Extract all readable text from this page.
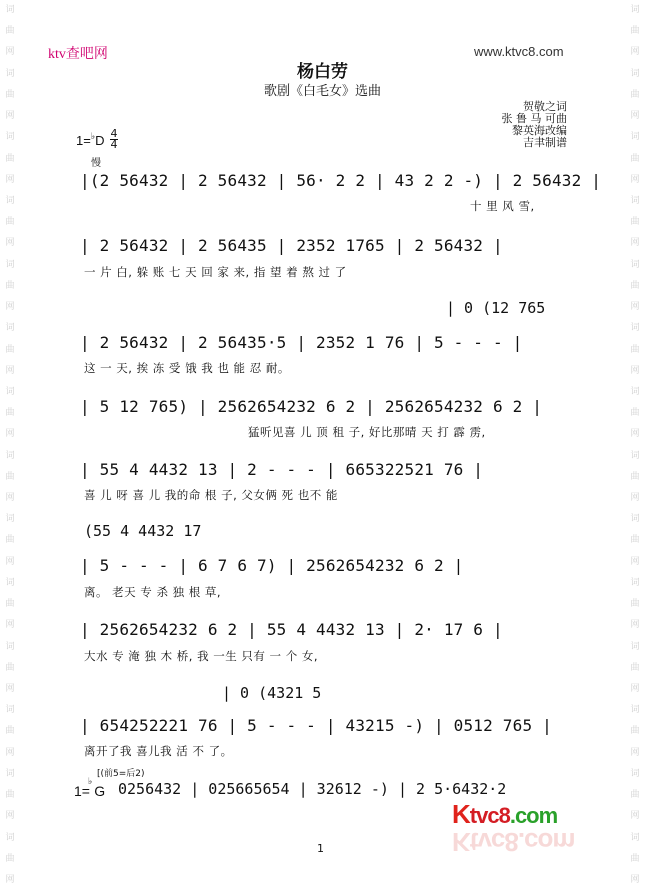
词
曲
网
词
曲
网
词
曲
网
词
曲
网
词
曲
网
词
曲
网
词
曲
网
词
曲
网
词
曲
网
词
曲
网
词
曲
网
词
曲
网
词
曲
网
词
曲
网
词
曲
网
词
曲
网
词
曲
网
词
曲
网
词
曲
网
词
曲
网
词
曲
网
词
曲
网
词
曲
网
词
曲
网
词
曲
网
词
曲
网
词
曲
网
词
曲
网
ktv查吧网	www.ktvc8.com
杨白劳
歌剧《白毛女》选曲
贺敬之词
张 鲁 马 可曲
黎英海改编
吉聿制谱
1=♭D 4
4
慢
|(2 56432 | 2 56432 | 56· 2 2 | 43 2 2 -) | 2 56432 |
十 里 风 雪,
| 2 56432 | 2 56435 | 2352 1765 | 2 56432 |
一 片 白, 躲 账 七 天 回 家 来, 指 望 着 熬 过 了
| 0 (12 765
| 2 56432 | 2 56435·5 | 2352 1 76 | 5 - - - |
这 一 天, 挨 冻 受 饿 我 也 能 忍 耐。
| 5 12 765) | 2562654232 6 2 | 2562654232 6 2 |
猛听见喜 儿 顶 租 子, 好比那晴 天 打 霹 雳,
| 55 4 4432 13 | 2 - - - | 665322521 76 |
喜 儿 呀 喜 儿 我的命 根 子, 父女俩 死 也不 能
(55 4 4432 17
| 5 - - - | 6 7 6 7) | 2562654232 6 2 |
离。 老天 专 杀 独 根 草,
| 2562654232 6 2 | 55 4 4432 13 | 2· 17 6 |
大水 专 淹 独 木 桥, 我 一生 只有 一 个 女,
| 0 (4321 5
| 654252221 76 | 5 - - - | 43215 -) | 0512 765 |
离开了我 喜儿我 活 不 了。
[(前5=后2)
1=♭G 0256432 | 025665654 | 32612 -) | 2 5·6432·2
1
Ktvc8.com
Ktvc8.com
